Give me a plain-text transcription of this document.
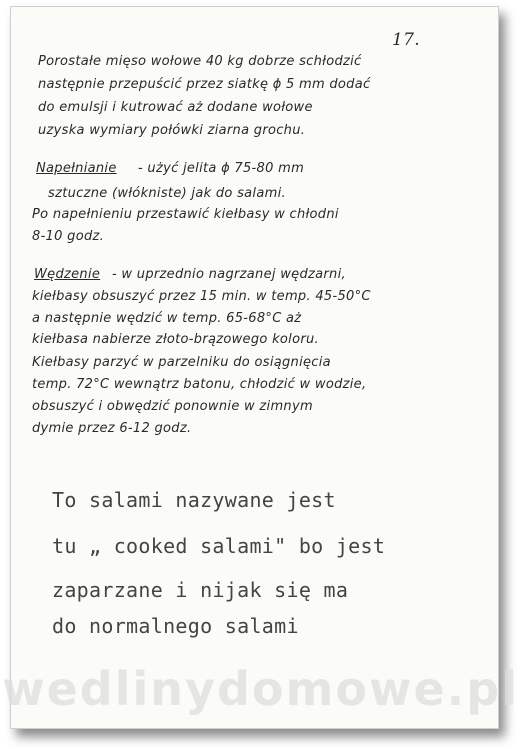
17.
Porostałe mięso wołowe 40 kg dobrze schłodzić
następnie przepuścić przez siatkę ϕ 5 mm dodać
do emulsji i kutrować aż dodane wołowe
uzyska wymiary połówki ziarna grochu.
Napełnianie - użyć jelita ϕ 75-80 mm
sztuczne (włókniste) jak do salami.
Po napełnieniu przestawić kiełbasy w chłodni
8-10 godz.
Wędzenie - w uprzednio nagrzanej wędzarni,
kiełbasy obsuszyć przez 15 min. w temp. 45-50°C
a następnie wędzić w temp. 65-68°C aż
kiełbasa nabierze złoto-brązowego koloru.
Kiełbasy parzyć w parzelniku do osiągnięcia
temp. 72°C wewnątrz batonu, chłodzić w wodzie,
obsuszyć i obwędzić ponownie w zimnym
dymie przez 6-12 godz.
To salami nazywane jest
tu „ cooked salami" bo jest
zaparzane i nijak się ma
do normalnego salami
wedlinydomowe.pl
